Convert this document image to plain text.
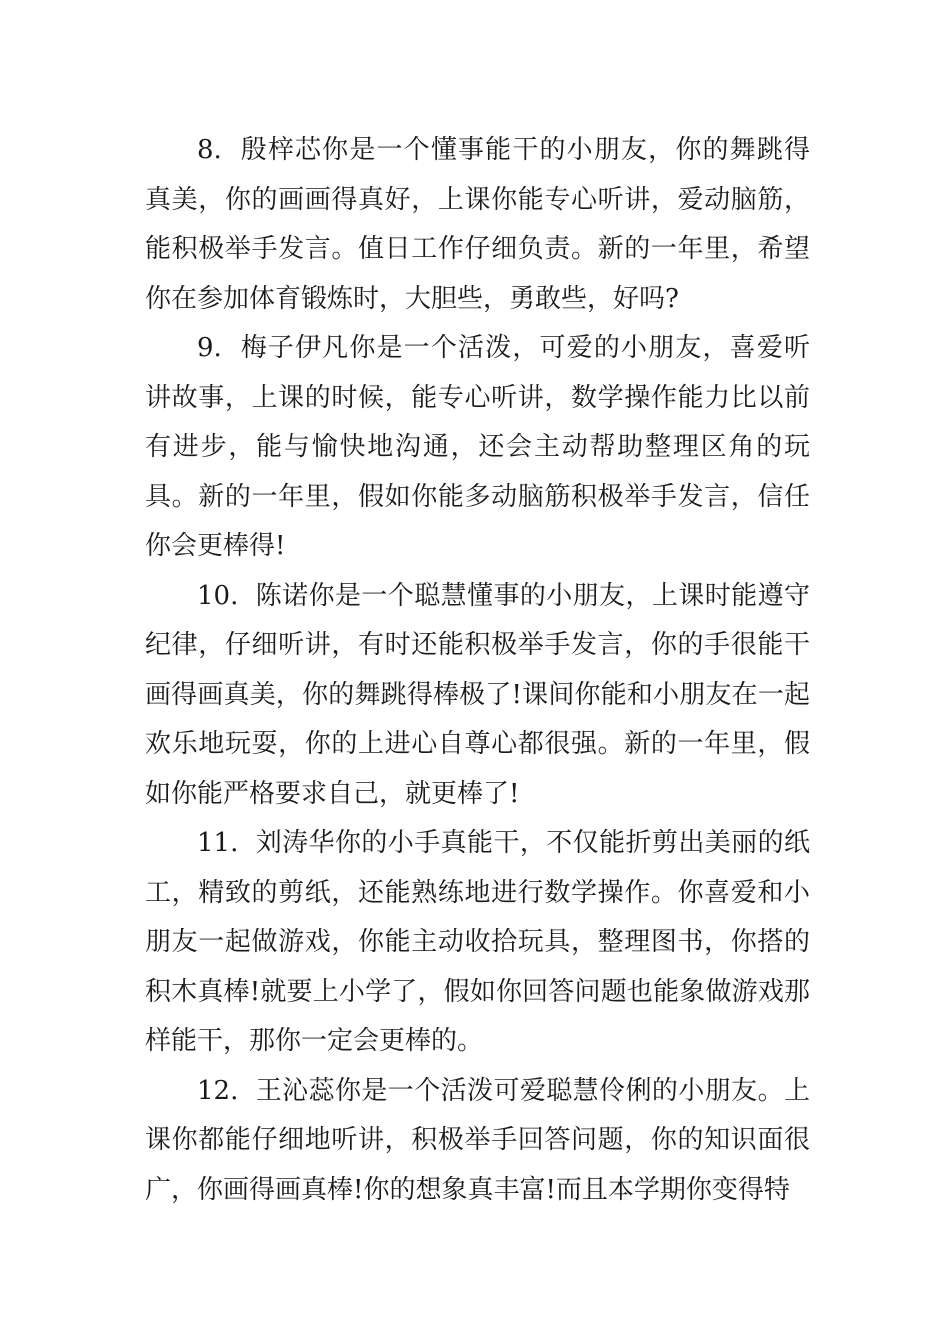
8. 殷梓芯你是一个懂事能干的小朋友，你的舞跳得真美，你的画画得真好，上课你能专心听讲，爱动脑筋，能积极举手发言。值日工作仔细负责。新的一年里，希望你在参加体育锻炼时，大胆些，勇敢些，好吗?

9. 梅子伊凡你是一个活泼，可爱的小朋友，喜爱听讲故事，上课的时候，能专心听讲，数学操作能力比以前有进步，能与愉快地沟通，还会主动帮助整理区角的玩具。新的一年里，假如你能多动脑筋积极举手发言，信任你会更棒得!

10. 陈诺你是一个聪慧懂事的小朋友，上课时能遵守纪律，仔细听讲，有时还能积极举手发言，你的手很能干画得画真美，你的舞跳得棒极了!课间你能和小朋友在一起欢乐地玩耍，你的上进心自尊心都很强。新的一年里，假如你能严格要求自己，就更棒了!

11. 刘涛华你的小手真能干，不仅能折剪出美丽的纸工，精致的剪纸，还能熟练地进行数学操作。你喜爱和小朋友一起做游戏，你能主动收拾玩具，整理图书，你搭的积木真棒!就要上小学了，假如你回答问题也能象做游戏那样能干，那你一定会更棒的。

12. 王沁蕊你是一个活泼可爱聪慧伶俐的小朋友。上课你都能仔细地听讲，积极举手回答问题，你的知识面很广，你画得画真棒!你的想象真丰富!而且本学期你变得特
